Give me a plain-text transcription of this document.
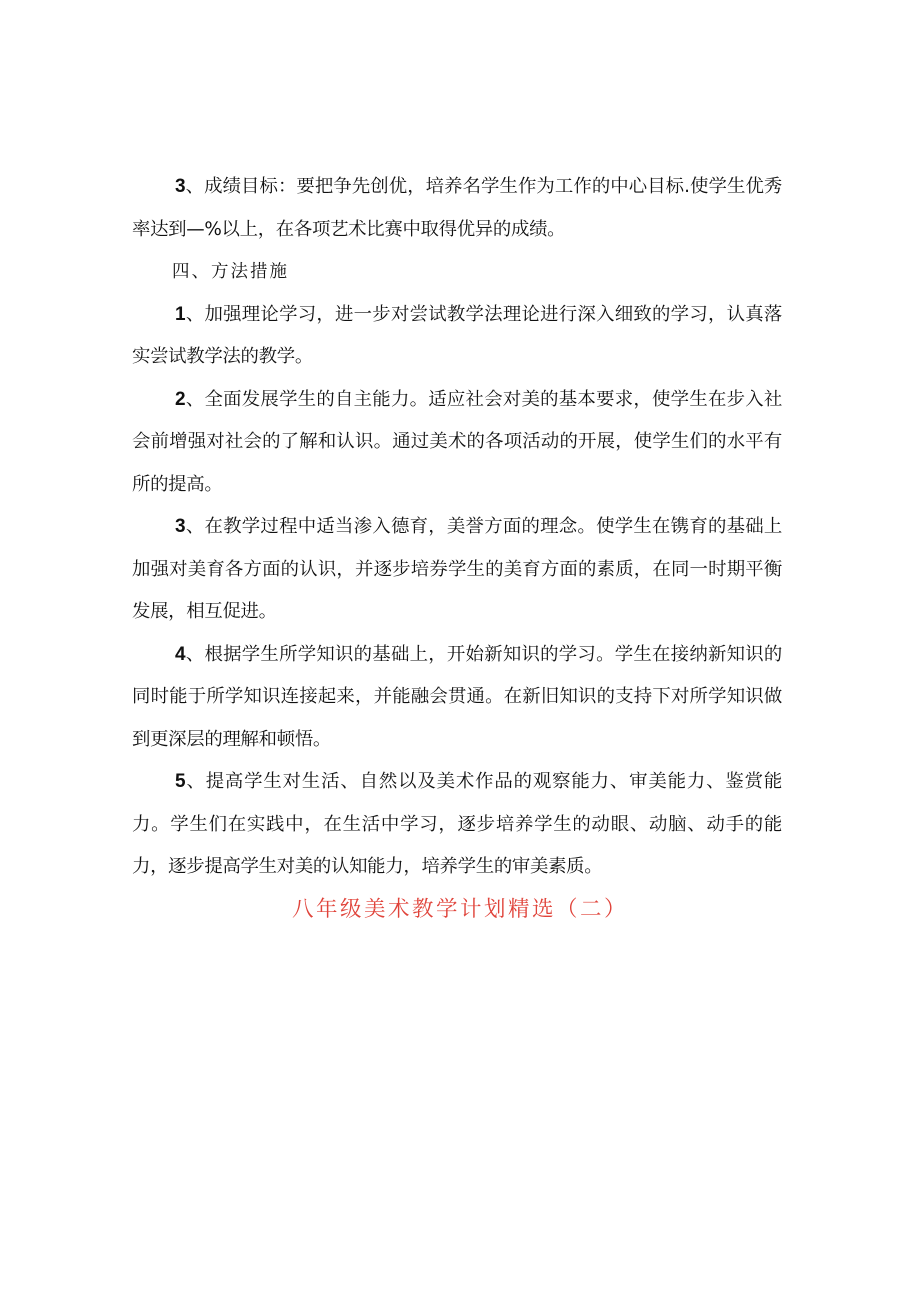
3、成绩目标：要把争先创优，培养名学生作为工作的中心目标.使学生优秀率达到—%以上，在各项艺术比赛中取得优异的成绩。

四、方法措施

1、加强理论学习，进一步对尝试教学法理论进行深入细致的学习，认真落实尝试教学法的教学。

2、全面发展学生的自主能力。适应社会对美的基本要求，使学生在步入社会前增强对社会的了解和认识。通过美术的各项活动的开展，使学生们的水平有所的提高。

3、在教学过程中适当渗入德育，美誉方面的理念。使学生在镌育的基础上加强对美育各方面的认识，并逐步培券学生的美育方面的素质，在同一时期平衡发展，相互促进。

4、根据学生所学知识的基础上，开始新知识的学习。学生在接纳新知识的同时能于所学知识连接起来，并能融会贯通。在新旧知识的支持下对所学知识做到更深层的理解和顿悟。

5、提高学生对生活、自然以及美术作品的观察能力、审美能力、鉴赏能力。学生们在实践中，在生活中学习，逐步培养学生的动眼、动脑、动手的能力，逐步提高学生对美的认知能力，培养学生的审美素质。

八年级美术教学计划精选（二）
